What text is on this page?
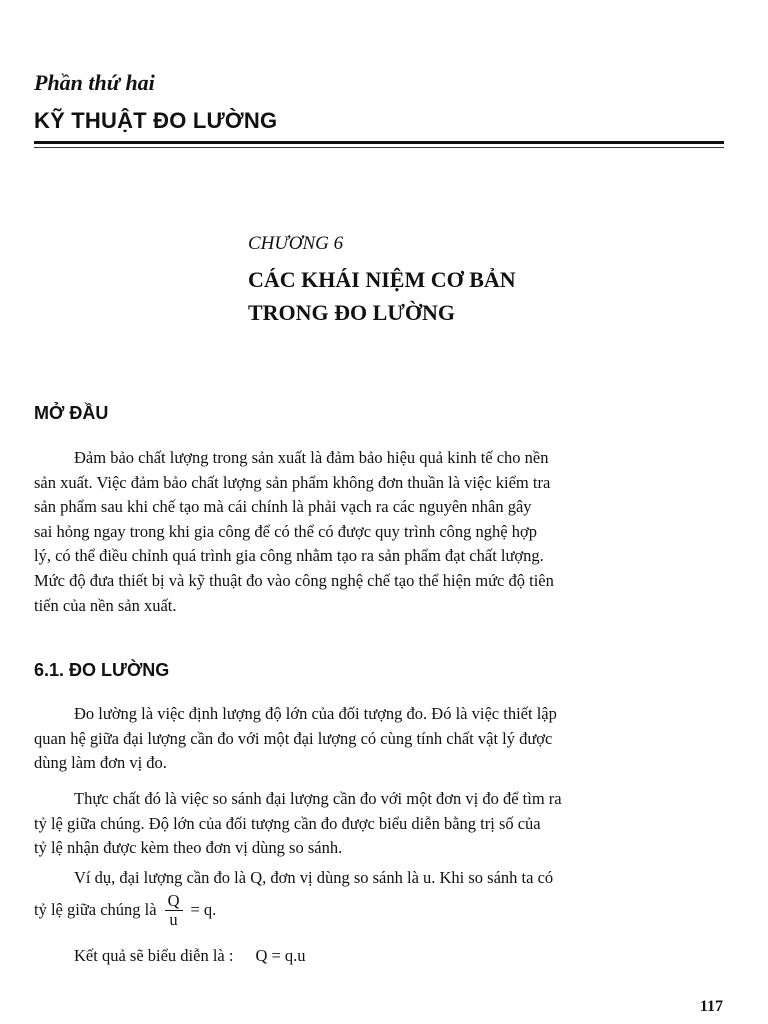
Phần thứ hai
KỸ THUẬT ĐO LƯỜNG
CHƯƠNG 6
CÁC KHÁI NIỆM CƠ BẢN
TRONG ĐO LƯỜNG
MỞ ĐẦU
Đảm bảo chất lượng trong sản xuất là đảm bảo hiệu quả kinh tế cho nền
sản xuất. Việc đảm bảo chất lượng sản phẩm không đơn thuần là việc kiểm tra
sản phẩm sau khi chế tạo mà cái chính là phải vạch ra các nguyên nhân gây
sai hỏng ngay trong khi gia công để có thể có được quy trình công nghệ hợp
lý, có thể điều chỉnh quá trình gia công nhằm tạo ra sản phẩm đạt chất lượng.
Mức độ đưa thiết bị và kỹ thuật đo vào công nghệ chế tạo thể hiện mức độ tiên
tiến của nền sản xuất.
6.1. ĐO LƯỜNG
Đo lường là việc định lượng độ lớn của đối tượng đo. Đó là việc thiết lập
quan hệ giữa đại lượng cần đo với một đại lượng có cùng tính chất vật lý được
dùng làm đơn vị đo.
Thực chất đó là việc so sánh đại lượng cần đo với một đơn vị đo để tìm ra
tỷ lệ giữa chúng. Độ lớn của đối tượng cần đo được biểu diễn bằng trị số của
tỷ lệ nhận được kèm theo đơn vị dùng so sánh.
Ví dụ, đại lượng cần đo là Q, đơn vị dùng so sánh là u. Khi so sánh ta có
tỷ lệ giữa chúng là $\frac{Q}{u} = q$.
Kết quả sẽ biểu diễn là : Q = q.u
117
